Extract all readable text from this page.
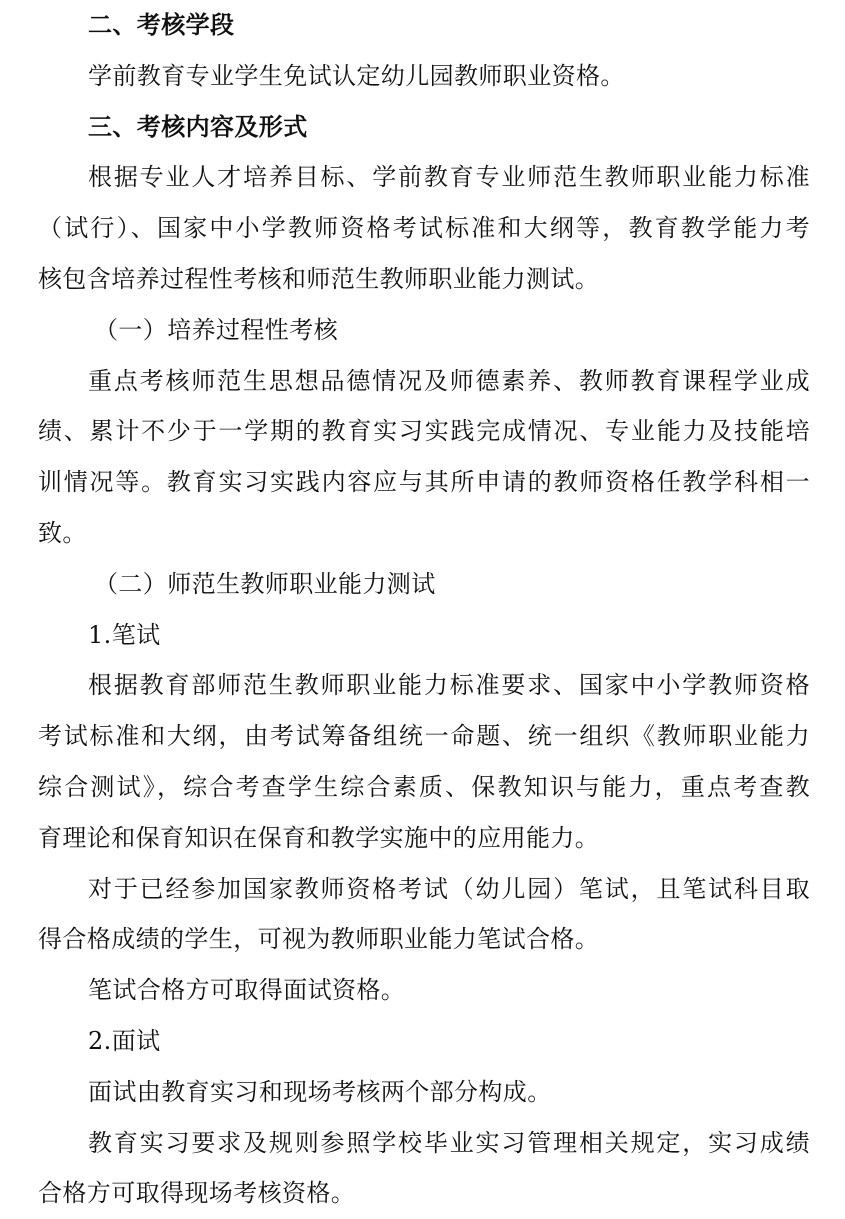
二、考核学段
学前教育专业学生免试认定幼儿园教师职业资格。
三、考核内容及形式
根据专业人才培养目标、学前教育专业师范生教师职业能力标准
（试行）、国家中小学教师资格考试标准和大纲等，教育教学能力考
核包含培养过程性考核和师范生教师职业能力测试。
（一）培养过程性考核
重点考核师范生思想品德情况及师德素养、教师教育课程学业成
绩、累计不少于一学期的教育实习实践完成情况、专业能力及技能培
训情况等。教育实习实践内容应与其所申请的教师资格任教学科相一
致。
（二）师范生教师职业能力测试
1.笔试
根据教育部师范生教师职业能力标准要求、国家中小学教师资格
考试标准和大纲，由考试筹备组统一命题、统一组织《教师职业能力
综合测试》，综合考查学生综合素质、保教知识与能力，重点考查教
育理论和保育知识在保育和教学实施中的应用能力。
对于已经参加国家教师资格考试（幼儿园）笔试，且笔试科目取
得合格成绩的学生，可视为教师职业能力笔试合格。
笔试合格方可取得面试资格。
2.面试
面试由教育实习和现场考核两个部分构成。
教育实习要求及规则参照学校毕业实习管理相关规定，实习成绩
合格方可取得现场考核资格。
